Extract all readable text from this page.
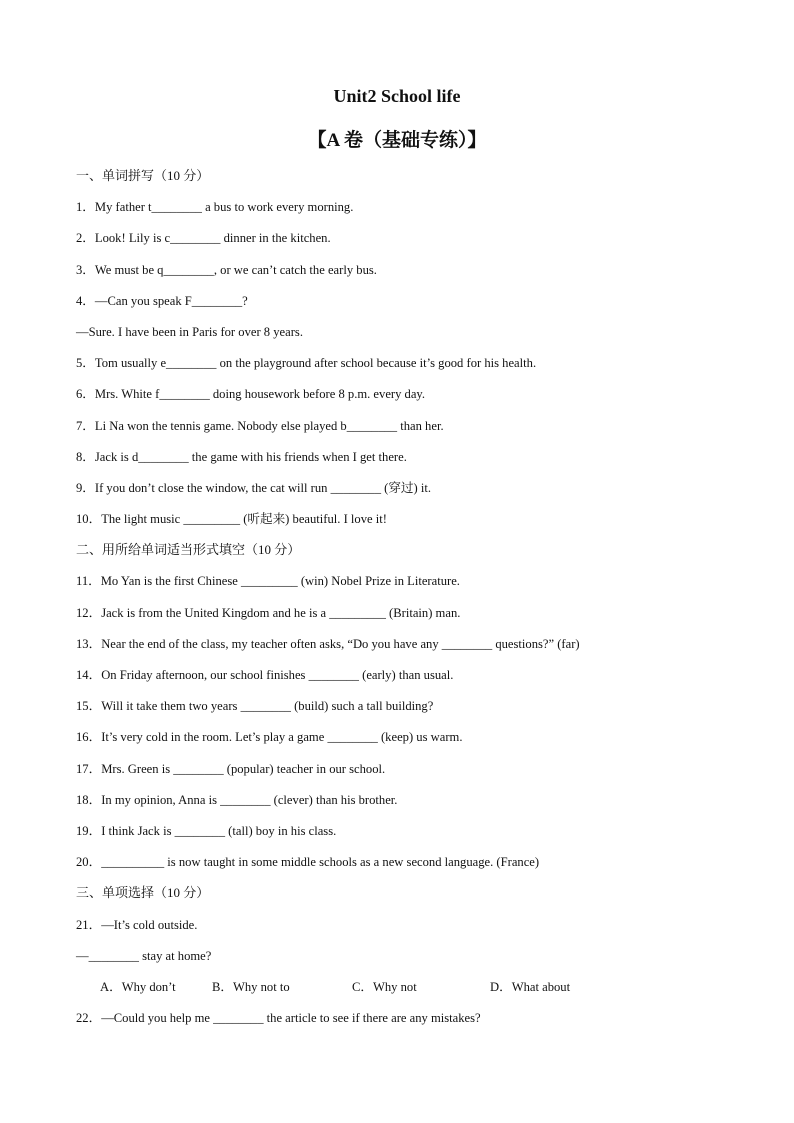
Unit2 School life
【A 卷（基础专练）】
一、单词拼写（10 分）
1．My father t________ a bus to work every morning.
2．Look! Lily is c________ dinner in the kitchen.
3．We must be q________, or we can’t catch the early bus.
4．—Can you speak F________?
—Sure. I have been in Paris for over 8 years.
5．Tom usually e________ on the playground after school because it’s good for his health.
6．Mrs. White f________ doing housework before 8 p.m. every day.
7．Li Na won the tennis game. Nobody else played b________ than her.
8．Jack is d________ the game with his friends when I get there.
9．If you don’t close the window, the cat will run ________ (穿过) it.
10．The light music _________ (听起来) beautiful. I love it!
二、用所给单词适当形式填空（10 分）
11．Mo Yan is the first Chinese _________ (win) Nobel Prize in Literature.
12．Jack is from the United Kingdom and he is a _________ (Britain) man.
13．Near the end of the class, my teacher often asks, “Do you have any ________ questions?” (far)
14．On Friday afternoon, our school finishes ________ (early) than usual.
15．Will it take them two years ________ (build) such a tall building?
16．It’s very cold in the room. Let’s play a game ________ (keep) us warm.
17．Mrs. Green is ________ (popular) teacher in our school.
18．In my opinion, Anna is ________ (clever) than his brother.
19．I think Jack is ________ (tall) boy in his class.
20．__________ is now taught in some middle schools as a new second language. (France)
三、单项选择（10 分）
21．—It’s cold outside.
—________ stay at home?
A．Why don’t	B．Why not to	C．Why not	D．What about
22．—Could you help me ________ the article to see if there are any mistakes?
